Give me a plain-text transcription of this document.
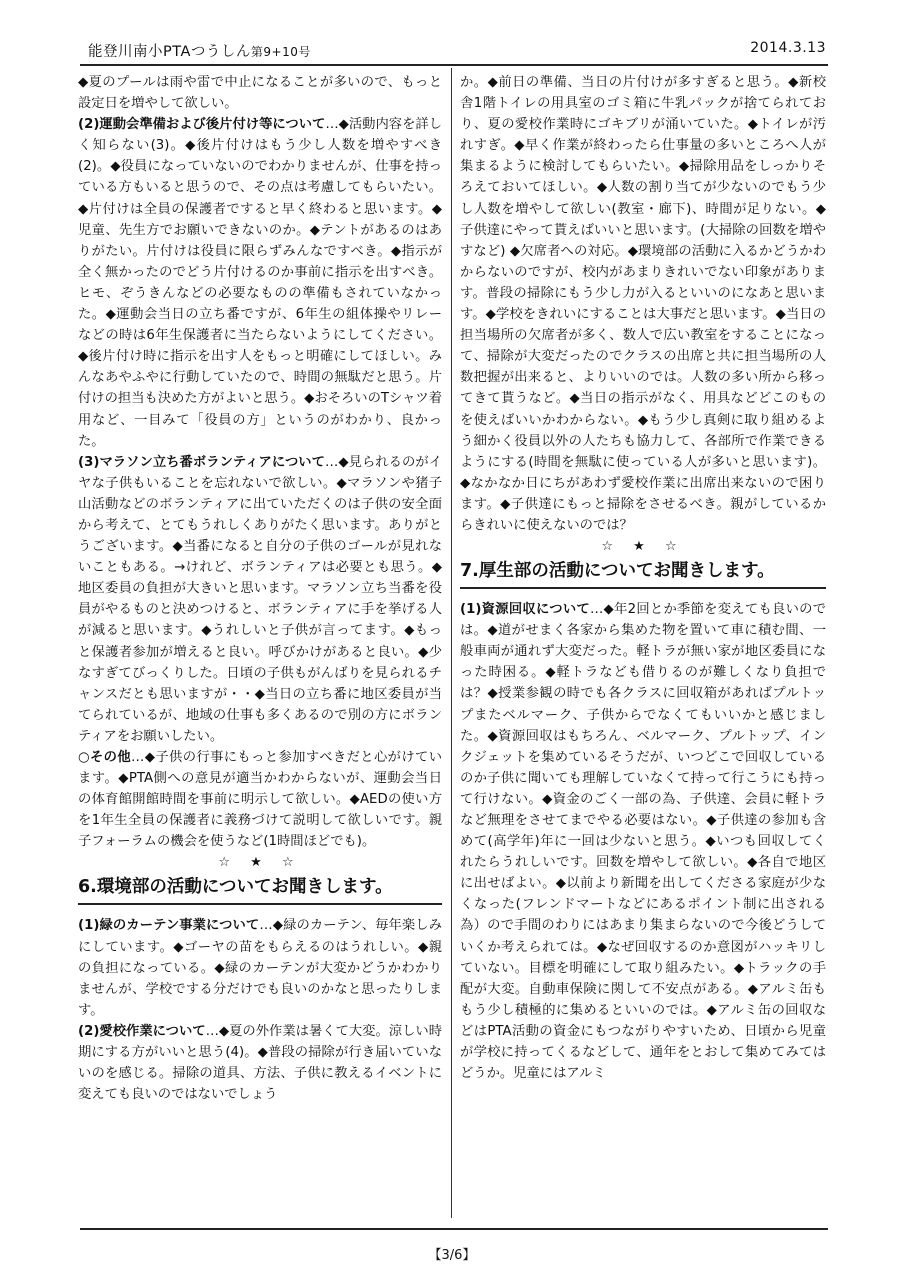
能登川南小PTAつうしん第9+10号	2014.3.13

◆夏のプールは雨や雷で中止になることが多いので、もっと設定日を増やして欲しい。

(2)運動会準備および後片付け等について…◆活動内容を詳しく知らない(3)。◆後片付けはもう少し人数を増やすべき(2)。◆役員になっていないのでわかりませんが、仕事を持っている方もいると思うので、その点は考慮してもらいたい。◆片付けは全員の保護者ですると早く終わると思います。◆児童、先生方でお願いできないのか。◆テントがあるのはありがたい。片付けは役員に限らずみんなですべき。◆指示が全く無かったのでどう片付けるのか事前に指示を出すべき。ヒモ、ぞうきんなどの必要なものの準備もされていなかった。◆運動会当日の立ち番ですが、6年生の組体操やリレーなどの時は6年生保護者に当たらないようにしてください。◆後片付け時に指示を出す人をもっと明確にしてほしい。みんなあやふやに行動していたので、時間の無駄だと思う。片付けの担当も決めた方がよいと思う。◆おそろいのTシャツ着用など、一目みて「役員の方」というのがわかり、良かった。

(3)マラソン立ち番ボランティアについて…◆見られるのがイヤな子供もいることを忘れないで欲しい。◆マラソンや猪子山活動などのボランティアに出ていただくのは子供の安全面から考えて、とてもうれしくありがたく思います。ありがとうございます。◆当番になると自分の子供のゴールが見れないこともある。→けれど、ボランティアは必要とも思う。◆地区委員の負担が大きいと思います。マラソン立ち当番を役員がやるものと決めつけると、ボランティアに手を挙げる人が減ると思います。◆うれしいと子供が言ってます。◆もっと保護者参加が増えると良い。呼びかけがあると良い。◆少なすぎてびっくりした。日頃の子供もがんばりを見られるチャンスだとも思いますが・・◆当日の立ち番に地区委員が当てられているが、地域の仕事も多くあるので別の方にボランティアをお願いしたい。

○その他…◆子供の行事にもっと参加すべきだと心がけています。◆PTA側への意見が適当かわからないが、運動会当日の体育館開館時間を事前に明示して欲しい。◆AEDの使い方を1年生全員の保護者に義務づけて説明して欲しいです。親子フォーラムの機会を使うなど(1時間ほどでも)。

☆ ★ ☆
6.環境部の活動についてお聞きします。

(1)緑のカーテン事業について…◆緑のカーテン、毎年楽しみにしています。◆ゴーヤの苗をもらえるのはうれしい。◆親の負担になっている。◆緑のカーテンが大変かどうかわかりませんが、学校でする分だけでも良いのかなと思ったりします。

(2)愛校作業について…◆夏の外作業は暑くて大変。涼しい時期にする方がいいと思う(4)。◆普段の掃除が行き届いていないのを感じる。掃除の道具、方法、子供に教えるイベントに変えても良いのではないでしょう

か。◆前日の準備、当日の片付けが多すぎると思う。◆新校舎1階トイレの用具室のゴミ箱に牛乳パックが捨てられており、夏の愛校作業時にゴキブリが涌いていた。◆トイレが汚れすぎ。◆早く作業が終わったら仕事量の多いところへ人が集まるように検討してもらいたい。◆掃除用品をしっかりそろえておいてほしい。◆人数の割り当てが少ないのでもう少し人数を増やして欲しい(教室・廊下)、時間が足りない。◆子供達にやって貰えばいいと思います。(大掃除の回数を増やすなど) ◆欠席者への対応。◆環境部の活動に入るかどうかわからないのですが、校内があまりきれいでない印象があります。普段の掃除にもう少し力が入るといいのになあと思います。◆学校をきれいにすることは大事だと思います。◆当日の担当場所の欠席者が多く、数人で広い教室をすることになって、掃除が大変だったのでクラスの出席と共に担当場所の人数把握が出来ると、よりいいのでは。人数の多い所から移ってきて貰うなど。◆当日の指示がなく、用具などどこのものを使えばいいかわからない。◆もう少し真剣に取り組めるよう細かく役員以外の人たちも協力して、各部所で作業できるようにする(時間を無駄に使っている人が多いと思います)。◆なかなか日にちがあわず愛校作業に出席出来ないので困ります。◆子供達にもっと掃除をさせるべき。親がしているからきれいに使えないのでは？

☆ ★ ☆
7.厚生部の活動についてお聞きします。

(1)資源回収について…◆年2回とか季節を変えても良いのでは。◆道がせまく各家から集めた物を置いて車に積む間、一般車両が通れず大変だった。軽トラが無い家が地区委員になった時困る。◆軽トラなども借りるのが難しくなり負担では？◆授業参観の時でも各クラスに回収箱があればプルトップまたベルマーク、子供からでなくてもいいかと感じました。◆資源回収はもちろん、ベルマーク、プルトップ、インクジェットを集めているそうだが、いつどこで回収しているのか子供に聞いても理解していなくて持って行こうにも持って行けない。◆資金のごく一部の為、子供達、会員に軽トラなど無理をさせてまでやる必要はない。◆子供達の参加も含めて(高学年)年に一回は少ないと思う。◆いつも回収してくれたらうれしいです。回数を増やして欲しい。◆各自で地区に出せばよい。◆以前より新聞を出してくださる家庭が少なくなった(フレンドマートなどにあるポイント制に出される為）ので手間のわりにはあまり集まらないので今後どうしていくか考えられては。◆なぜ回収するのか意図がハッキリしていない。目標を明確にして取り組みたい。◆トラックの手配が大変。自動車保険に関して不安点がある。◆アルミ缶ももう少し積極的に集めるといいのでは。◆アルミ缶の回収などはPTA活動の資金にもつながりやすいため、日頃から児童が学校に持ってくるなどして、通年をとおして集めてみてはどうか。児童にはアルミ

【3/6】
